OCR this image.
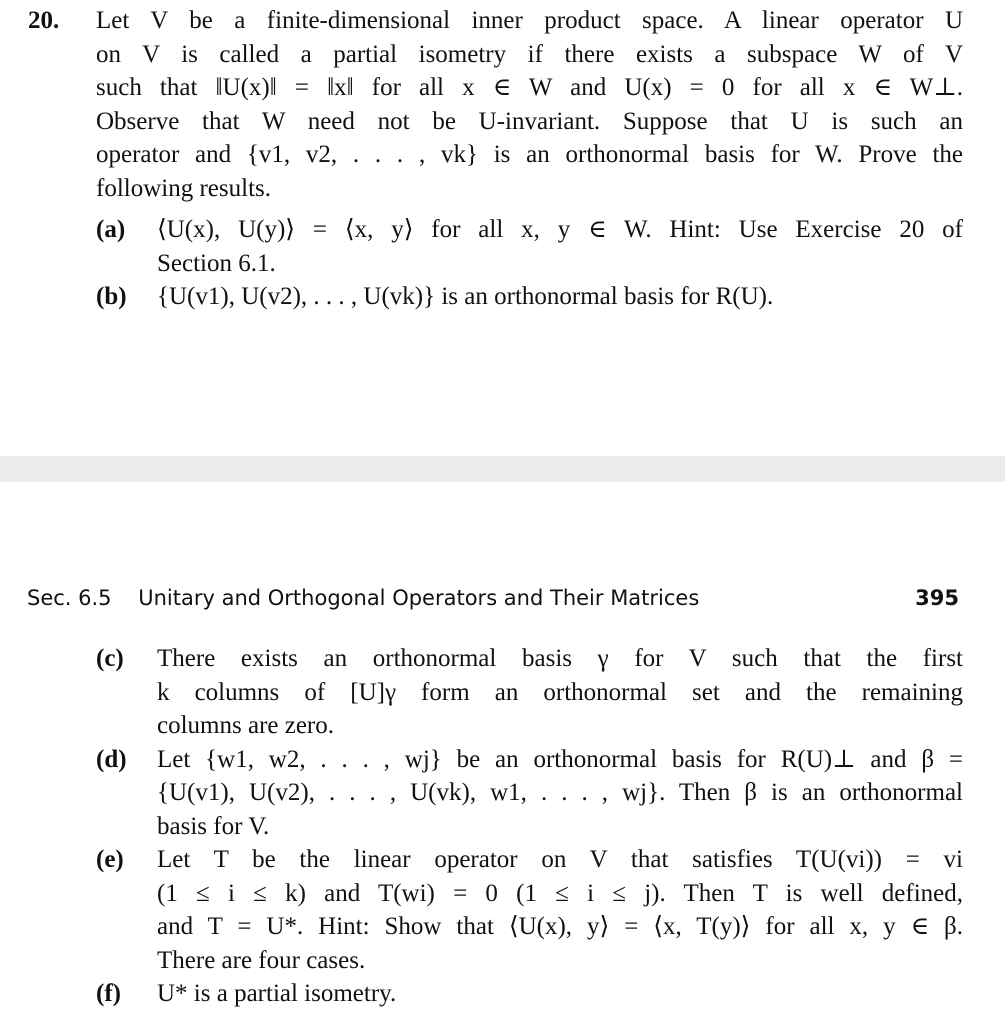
20. Let V be a finite-dimensional inner product space. A linear operator U
on V is called a partial isometry if there exists a subspace W of V
such that ‖U(x)‖ = ‖x‖ for all x ∈ W and U(x) = 0 for all x ∈ W⊥.
Observe that W need not be U-invariant. Suppose that U is such an
operator and {v1, v2, . . . , vk} is an orthonormal basis for W. Prove the
following results.
(a) ⟨U(x), U(y)⟩ = ⟨x, y⟩ for all x, y ∈ W. Hint: Use Exercise 20 of
Section 6.1.
(b) {U(v1), U(v2), . . . , U(vk)} is an orthonormal basis for R(U).
Sec. 6.5 Unitary and Orthogonal Operators and Their Matrices	395
(c) There exists an orthonormal basis γ for V such that the first
k columns of [U]γ form an orthonormal set and the remaining
columns are zero.
(d) Let {w1, w2, . . . , wj} be an orthonormal basis for R(U)⊥ and β =
{U(v1), U(v2), . . . , U(vk), w1, . . . , wj}. Then β is an orthonormal
basis for V.
(e) Let T be the linear operator on V that satisfies T(U(vi)) = vi
(1 ≤ i ≤ k) and T(wi) = 0 (1 ≤ i ≤ j). Then T is well defined,
and T = U*. Hint: Show that ⟨U(x), y⟩ = ⟨x, T(y)⟩ for all x, y ∈ β.
There are four cases.
(f) U* is a partial isometry.
